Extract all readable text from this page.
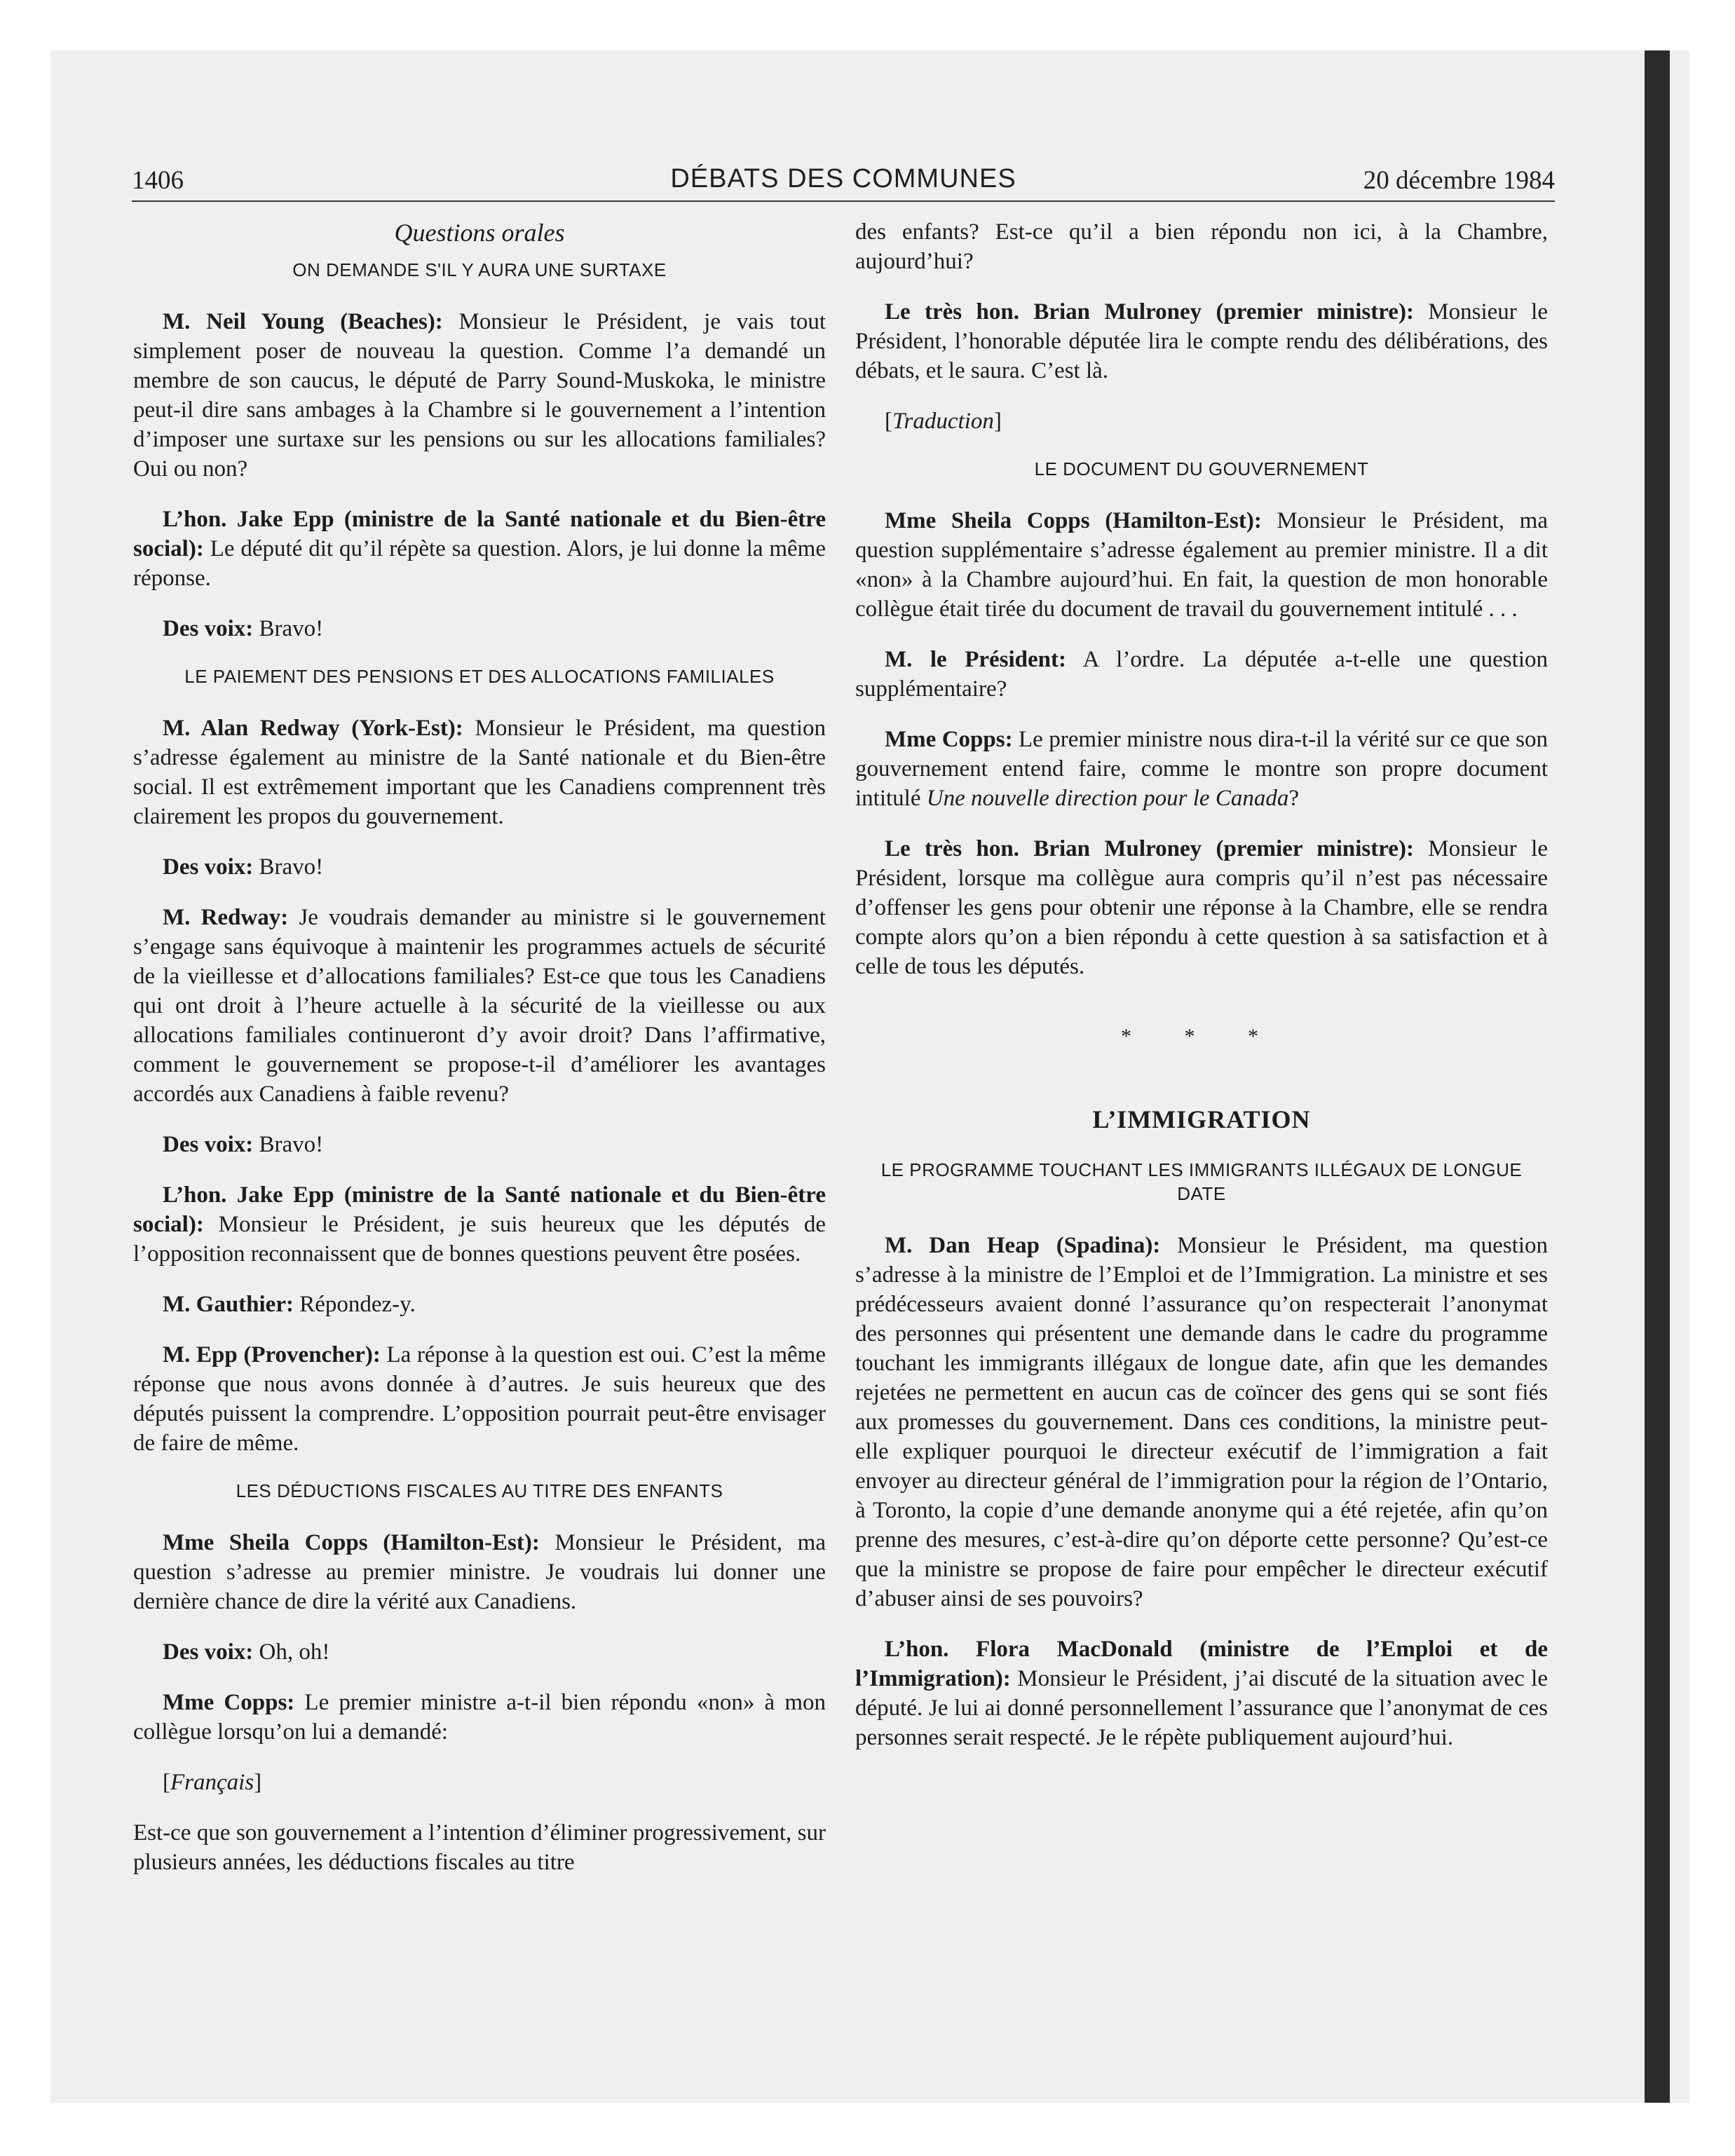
1406	DÉBATS DES COMMUNES	20 décembre 1984
Questions orales
ON DEMANDE S'IL Y AURA UNE SURTAXE

M. Neil Young (Beaches): Monsieur le Président, je vais tout simplement poser de nouveau la question. Comme l’a demandé un membre de son caucus, le député de Parry Sound-Muskoka, le ministre peut-il dire sans ambages à la Chambre si le gouvernement a l’intention d’imposer une surtaxe sur les pensions ou sur les allocations familiales? Oui ou non?

L’hon. Jake Epp (ministre de la Santé nationale et du Bien-être social): Le député dit qu’il répète sa question. Alors, je lui donne la même réponse.

Des voix: Bravo!

LE PAIEMENT DES PENSIONS ET DES ALLOCATIONS FAMILIALES

M. Alan Redway (York-Est): Monsieur le Président, ma question s’adresse également au ministre de la Santé nationale et du Bien-être social. Il est extrêmement important que les Canadiens comprennent très clairement les propos du gouvernement.

Des voix: Bravo!

M. Redway: Je voudrais demander au ministre si le gouvernement s’engage sans équivoque à maintenir les programmes actuels de sécurité de la vieillesse et d’allocations familiales? Est-ce que tous les Canadiens qui ont droit à l’heure actuelle à la sécurité de la vieillesse ou aux allocations familiales continueront d’y avoir droit? Dans l’affirmative, comment le gouvernement se propose-t-il d’améliorer les avantages accordés aux Canadiens à faible revenu?

Des voix: Bravo!

L’hon. Jake Epp (ministre de la Santé nationale et du Bien-être social): Monsieur le Président, je suis heureux que les députés de l’opposition reconnaissent que de bonnes questions peuvent être posées.

M. Gauthier: Répondez-y.

M. Epp (Provencher): La réponse à la question est oui. C’est la même réponse que nous avons donnée à d’autres. Je suis heureux que des députés puissent la comprendre. L’opposition pourrait peut-être envisager de faire de même.

LES DÉDUCTIONS FISCALES AU TITRE DES ENFANTS

Mme Sheila Copps (Hamilton-Est): Monsieur le Président, ma question s’adresse au premier ministre. Je voudrais lui donner une dernière chance de dire la vérité aux Canadiens.

Des voix: Oh, oh!

Mme Copps: Le premier ministre a-t-il bien répondu «non» à mon collègue lorsqu’on lui a demandé:

[Français]

Est-ce que son gouvernement a l’intention d’éliminer progressivement, sur plusieurs années, les déductions fiscales au titre

des enfants? Est-ce qu’il a bien répondu non ici, à la Chambre, aujourd’hui?

Le très hon. Brian Mulroney (premier ministre): Monsieur le Président, l’honorable députée lira le compte rendu des délibérations, des débats, et le saura. C’est là.

[Traduction]

LE DOCUMENT DU GOUVERNEMENT

Mme Sheila Copps (Hamilton-Est): Monsieur le Président, ma question supplémentaire s’adresse également au premier ministre. Il a dit «non» à la Chambre aujourd’hui. En fait, la question de mon honorable collègue était tirée du document de travail du gouvernement intitulé . . .

M. le Président: A l’ordre. La députée a-t-elle une question supplémentaire?

Mme Copps: Le premier ministre nous dira-t-il la vérité sur ce que son gouvernement entend faire, comme le montre son propre document intitulé Une nouvelle direction pour le Canada?

Le très hon. Brian Mulroney (premier ministre): Monsieur le Président, lorsque ma collègue aura compris qu’il n’est pas nécessaire d’offenser les gens pour obtenir une réponse à la Chambre, elle se rendra compte alors qu’on a bien répondu à cette question à sa satisfaction et à celle de tous les députés.

* * *
L’IMMIGRATION
LE PROGRAMME TOUCHANT LES IMMIGRANTS ILLÉGAUX DE LONGUE DATE

M. Dan Heap (Spadina): Monsieur le Président, ma question s’adresse à la ministre de l’Emploi et de l’Immigration. La ministre et ses prédécesseurs avaient donné l’assurance qu’on respecterait l’anonymat des personnes qui présentent une demande dans le cadre du programme touchant les immigrants illégaux de longue date, afin que les demandes rejetées ne permettent en aucun cas de coïncer des gens qui se sont fiés aux promesses du gouvernement. Dans ces conditions, la ministre peut-elle expliquer pourquoi le directeur exécutif de l’immigration a fait envoyer au directeur général de l’immigration pour la région de l’Ontario, à Toronto, la copie d’une demande anonyme qui a été rejetée, afin qu’on prenne des mesures, c’est-à-dire qu’on déporte cette personne? Qu’est-ce que la ministre se propose de faire pour empêcher le directeur exécutif d’abuser ainsi de ses pouvoirs?

L’hon. Flora MacDonald (ministre de l’Emploi et de l’Immigration): Monsieur le Président, j’ai discuté de la situation avec le député. Je lui ai donné personnellement l’assurance que l’anonymat de ces personnes serait respecté. Je le répète publiquement aujourd’hui.
